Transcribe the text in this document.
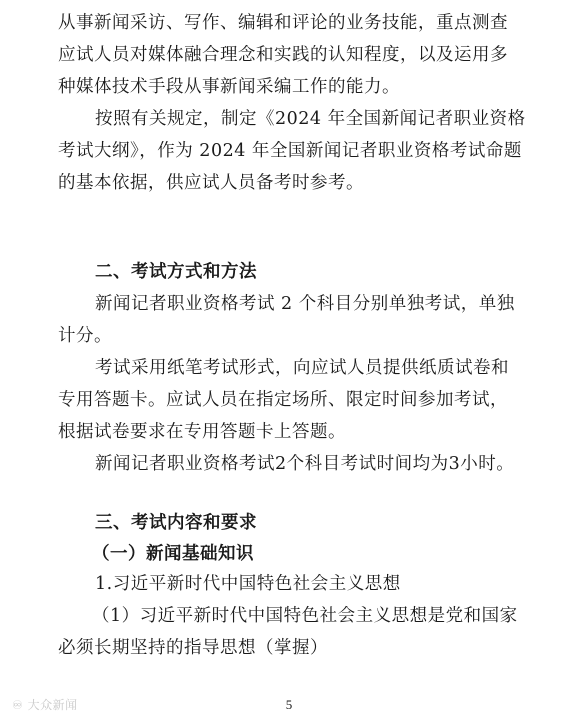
从事新闻采访、写作、编辑和评论的业务技能，重点测查
应试人员对媒体融合理念和实践的认知程度，以及运用多
种媒体技术手段从事新闻采编工作的能力。
按照有关规定，制定《2024 年全国新闻记者职业资格
考试大纲》，作为 2024 年全国新闻记者职业资格考试命题
的基本依据，供应试人员备考时参考。
二、考试方式和方法
新闻记者职业资格考试 2 个科目分别单独考试，单独
计分。
考试采用纸笔考试形式，向应试人员提供纸质试卷和
专用答题卡。应试人员在指定场所、限定时间参加考试，
根据试卷要求在专用答题卡上答题。
新闻记者职业资格考试2个科目考试时间均为3小时。
三、考试内容和要求
（一）新闻基础知识
1.习近平新时代中国特色社会主义思想
（1）习近平新时代中国特色社会主义思想是党和国家
必须长期坚持的指导思想（掌握）
♾ 大众新闻	5
